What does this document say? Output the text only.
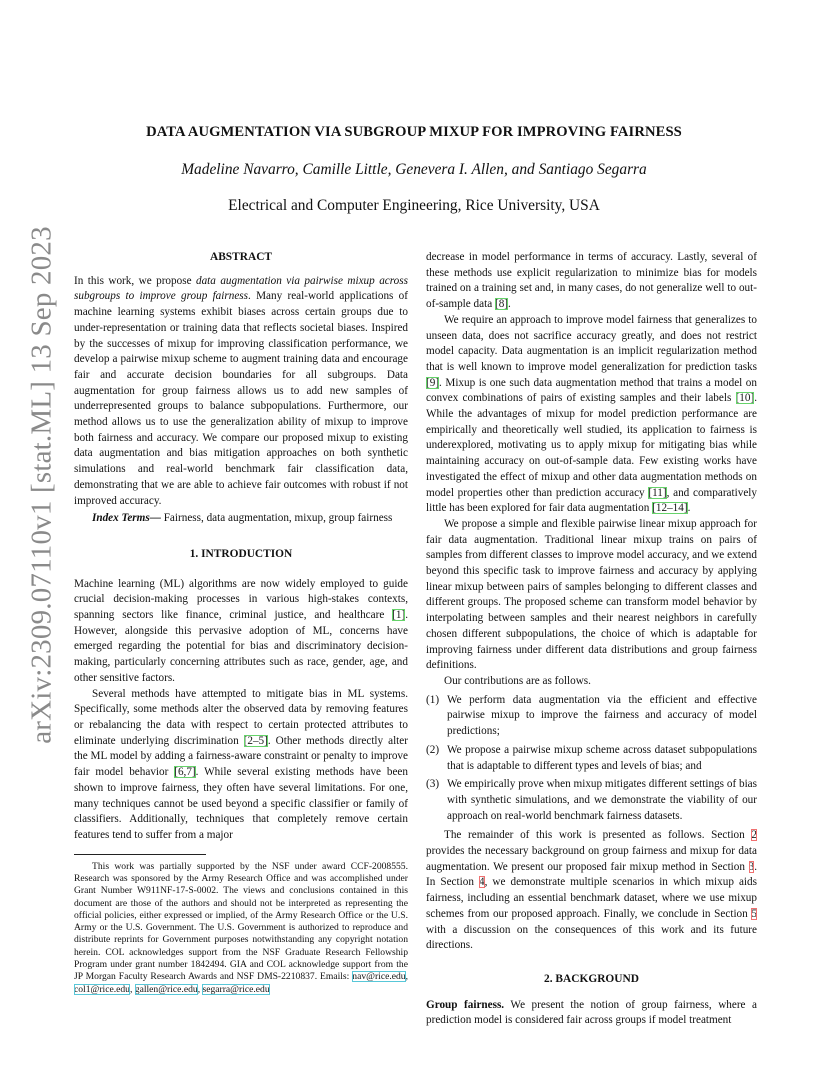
arXiv:2309.07110v1 [stat.ML] 13 Sep 2023
DATA AUGMENTATION VIA SUBGROUP MIXUP FOR IMPROVING FAIRNESS
Madeline Navarro, Camille Little, Genevera I. Allen, and Santiago Segarra
Electrical and Computer Engineering, Rice University, USA

ABSTRACT

In this work, we propose data augmentation via pairwise mixup across subgroups to improve group fairness. Many real-world applications of machine learning systems exhibit biases across certain groups due to under-representation or training data that reflects societal biases. Inspired by the successes of mixup for improving classification performance, we develop a pairwise mixup scheme to augment training data and encourage fair and accurate decision boundaries for all subgroups. Data augmentation for group fairness allows us to add new samples of underrepresented groups to balance subpopulations. Furthermore, our method allows us to use the generalization ability of mixup to improve both fairness and accuracy. We compare our proposed mixup to existing data augmentation and bias mitigation approaches on both synthetic simulations and real-world benchmark fair classification data, demonstrating that we are able to achieve fair outcomes with robust if not improved accuracy.

Index Terms— Fairness, data augmentation, mixup, group fairness

1. INTRODUCTION

Machine learning (ML) algorithms are now widely employed to guide crucial decision-making processes in various high-stakes contexts, spanning sectors like finance, criminal justice, and healthcare [1]. However, alongside this pervasive adoption of ML, concerns have emerged regarding the potential for bias and discriminatory decision-making, particularly concerning attributes such as race, gender, age, and other sensitive factors.

Several methods have attempted to mitigate bias in ML systems. Specifically, some methods alter the observed data by removing features or rebalancing the data with respect to certain protected attributes to eliminate underlying discrimination [2–5]. Other methods directly alter the ML model by adding a fairness-aware constraint or penalty to improve fair model behavior [6,7]. While several existing methods have been shown to improve fairness, they often have several limitations. For one, many techniques cannot be used beyond a specific classifier or family of classifiers. Additionally, techniques that completely remove certain features tend to suffer from a major

This work was partially supported by the NSF under award CCF-2008555. Research was sponsored by the Army Research Office and was accomplished under Grant Number W911NF-17-S-0002. The views and conclusions contained in this document are those of the authors and should not be interpreted as representing the official policies, either expressed or implied, of the Army Research Office or the U.S. Army or the U.S. Government. The U.S. Government is authorized to reproduce and distribute reprints for Government purposes notwithstanding any copyright notation herein. COL acknowledges support from the NSF Graduate Research Fellowship Program under grant number 1842494. GIA and COL acknowledge support from the JP Morgan Faculty Research Awards and NSF DMS-2210837. Emails: nav@rice.edu, col1@rice.edu, gallen@rice.edu, segarra@rice.edu

decrease in model performance in terms of accuracy. Lastly, several of these methods use explicit regularization to minimize bias for models trained on a training set and, in many cases, do not generalize well to out-of-sample data [8].

We require an approach to improve model fairness that generalizes to unseen data, does not sacrifice accuracy greatly, and does not restrict model capacity. Data augmentation is an implicit regularization method that is well known to improve model generalization for prediction tasks [9]. Mixup is one such data augmentation method that trains a model on convex combinations of pairs of existing samples and their labels [10]. While the advantages of mixup for model prediction performance are empirically and theoretically well studied, its application to fairness is underexplored, motivating us to apply mixup for mitigating bias while maintaining accuracy on out-of-sample data. Few existing works have investigated the effect of mixup and other data augmentation methods on model properties other than prediction accuracy [11], and comparatively little has been explored for fair data augmentation [12–14].

We propose a simple and flexible pairwise linear mixup approach for fair data augmentation. Traditional linear mixup trains on pairs of samples from different classes to improve model accuracy, and we extend beyond this specific task to improve fairness and accuracy by applying linear mixup between pairs of samples belonging to different classes and different groups. The proposed scheme can transform model behavior by interpolating between samples and their nearest neighbors in carefully chosen different subpopulations, the choice of which is adaptable for improving fairness under different data distributions and group fairness definitions.

Our contributions are as follows.

(1) We perform data augmentation via the efficient and effective pairwise mixup to improve the fairness and accuracy of model predictions;
(2) We propose a pairwise mixup scheme across dataset subpopulations that is adaptable to different types and levels of bias; and
(3) We empirically prove when mixup mitigates different settings of bias with synthetic simulations, and we demonstrate the viability of our approach on real-world benchmark fairness datasets.

The remainder of this work is presented as follows. Section 2 provides the necessary background on group fairness and mixup for data augmentation. We present our proposed fair mixup method in Section 3. In Section 4, we demonstrate multiple scenarios in which mixup aids fairness, including an essential benchmark dataset, where we use mixup schemes from our proposed approach. Finally, we conclude in Section 5 with a discussion on the consequences of this work and its future directions.

2. BACKGROUND

Group fairness. We present the notion of group fairness, where a prediction model is considered fair across groups if model treatment
